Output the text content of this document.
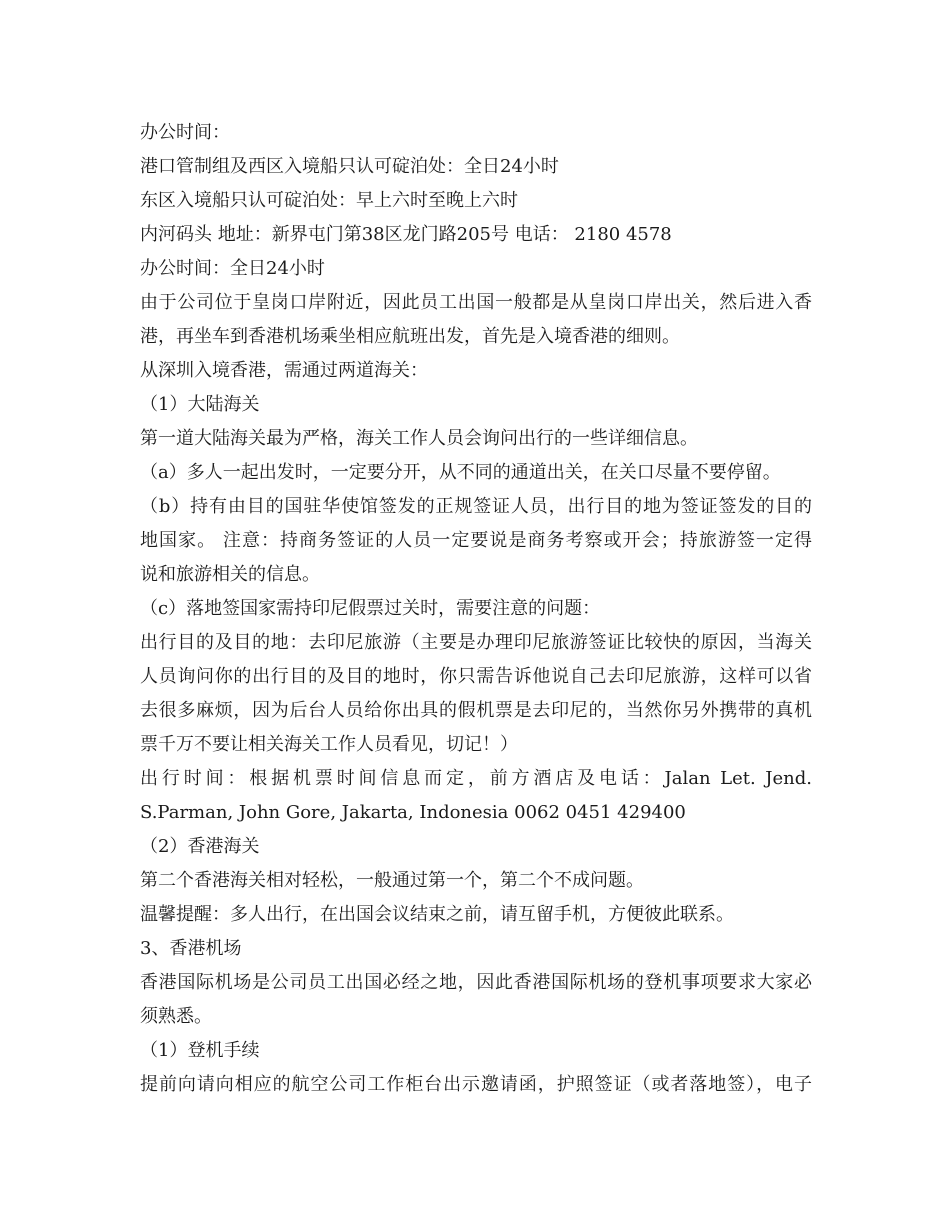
办公时间：
港口管制组及西区入境船只认可碇泊处：全日24小时
东区入境船只认可碇泊处：早上六时至晚上六时
内河码头 地址：新界屯门第38区龙门路205号 电话： 2180 4578
办公时间：全日24小时
由于公司位于皇岗口岸附近，因此员工出国一般都是从皇岗口岸出关，然后进入香
港，再坐车到香港机场乘坐相应航班出发，首先是入境香港的细则。
从深圳入境香港，需通过两道海关：
（1）大陆海关
第一道大陆海关最为严格，海关工作人员会询问出行的一些详细信息。
（a）多人一起出发时，一定要分开，从不同的通道出关，在关口尽量不要停留。
（b）持有由目的国驻华使馆签发的正规签证人员，出行目的地为签证签发的目的
地国家。 注意：持商务签证的人员一定要说是商务考察或开会；持旅游签一定得
说和旅游相关的信息。
（c）落地签国家需持印尼假票过关时，需要注意的问题：
出行目的及目的地：去印尼旅游（主要是办理印尼旅游签证比较快的原因，当海关
人员询问你的出行目的及目的地时，你只需告诉他说自己去印尼旅游，这样可以省
去很多麻烦，因为后台人员给你出具的假机票是去印尼的，当然你另外携带的真机
票千万不要让相关海关工作人员看见，切记！）
出行时间：根据机票时间信息而定，前方酒店及电话：Jalan Let. Jend.
S.Parman, John Gore, Jakarta, Indonesia 0062 0451 429400
（2）香港海关
第二个香港海关相对轻松，一般通过第一个，第二个不成问题。
温馨提醒：多人出行，在出国会议结束之前，请互留手机，方便彼此联系。
3、香港机场
香港国际机场是公司员工出国必经之地，因此香港国际机场的登机事项要求大家必
须熟悉。
（1）登机手续
提前向请向相应的航空公司工作柜台出示邀请函，护照签证（或者落地签），电子
